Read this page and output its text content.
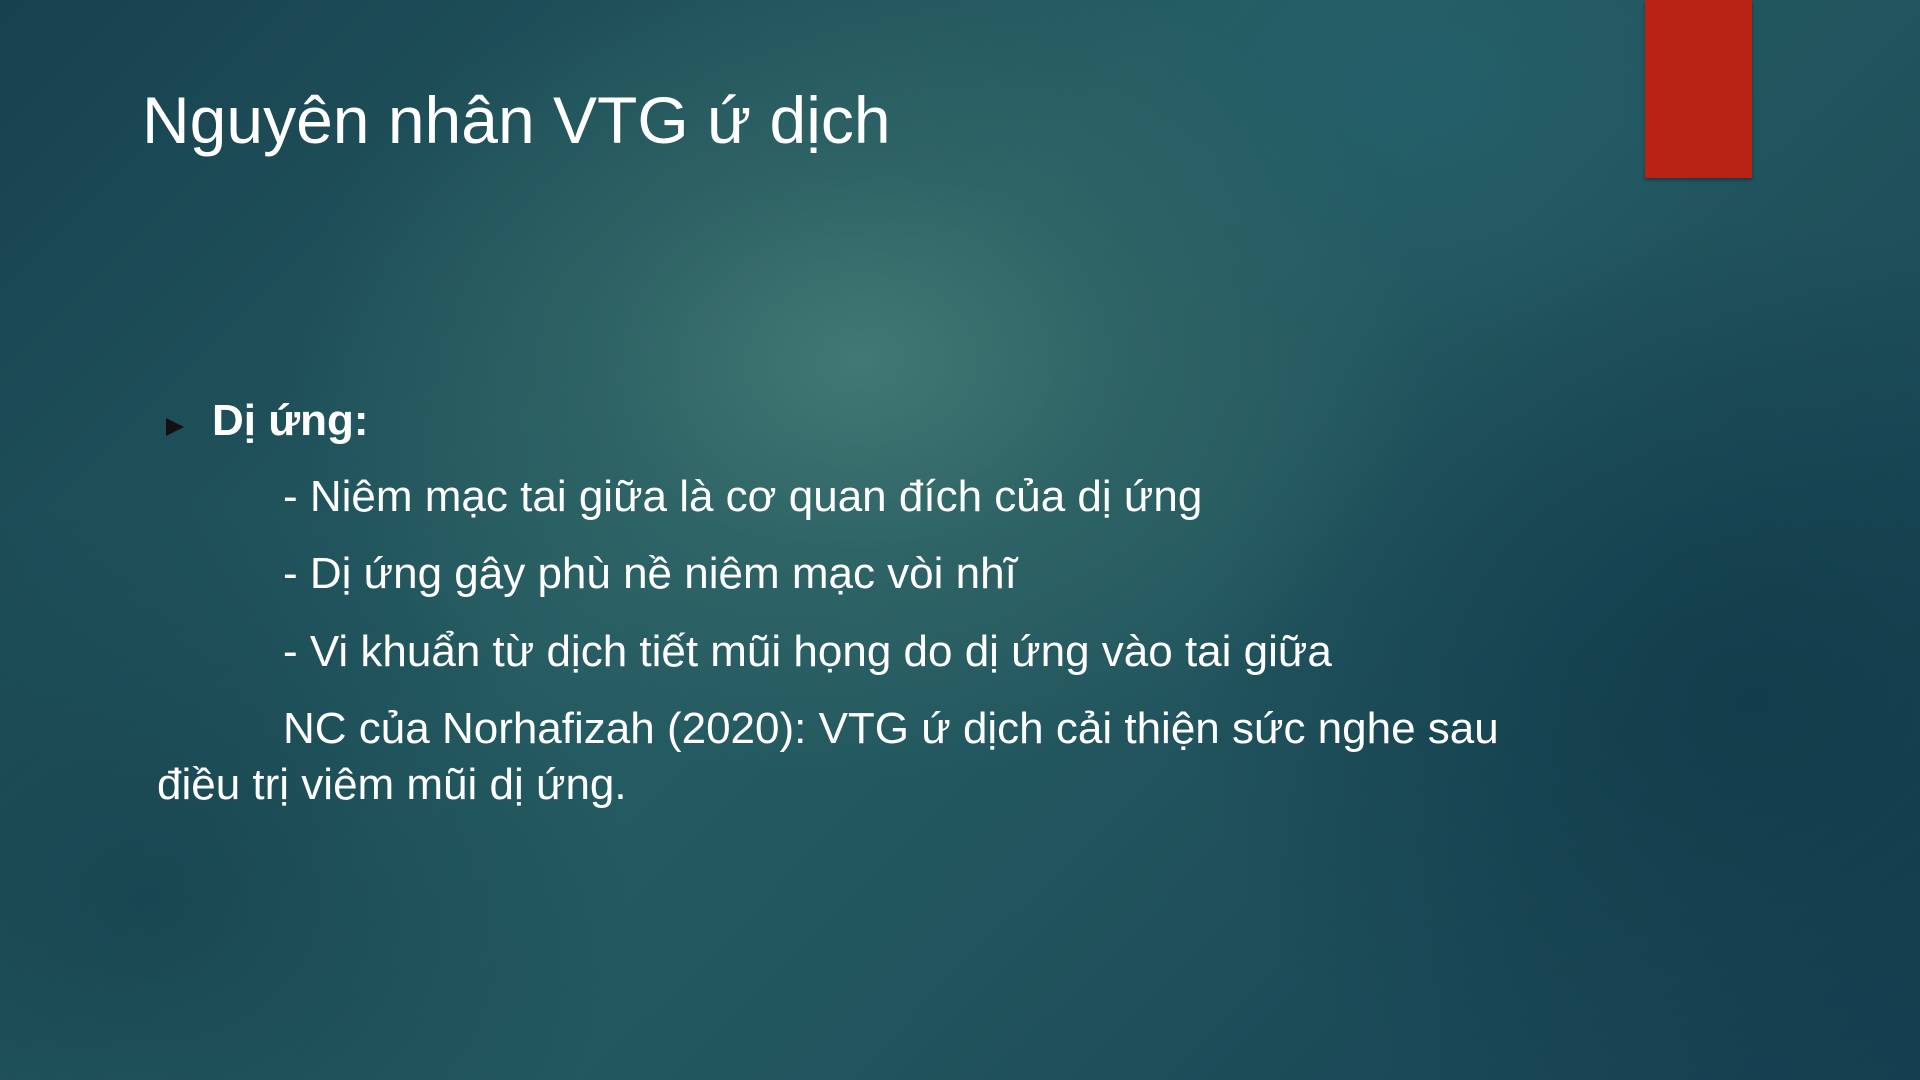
Nguyên nhân VTG ứ dịch
Dị ứng:
- Niêm mạc tai giữa là cơ quan đích của dị ứng
- Dị ứng gây phù nề niêm mạc vòi nhĩ
- Vi khuẩn từ dịch tiết mũi họng do dị ứng vào tai giữa
NC của Norhafizah (2020): VTG ứ dịch cải thiện sức nghe sau
điều trị viêm mũi dị ứng.
